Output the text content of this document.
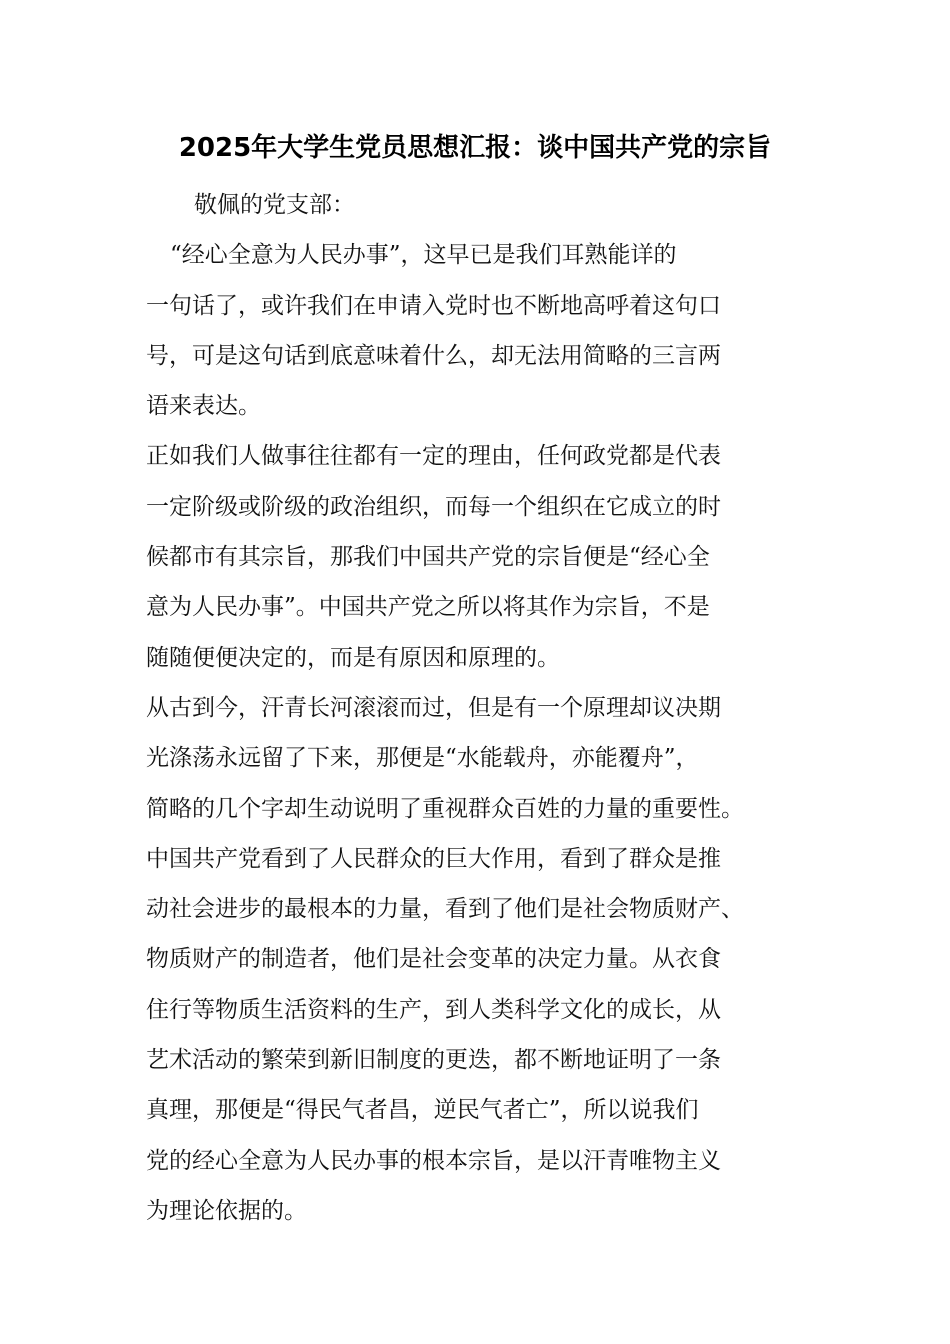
2025年大学生党员思想汇报：谈中国共产党的宗旨
敬佩的党支部：
“经心全意为人民办事”，这早已是我们耳熟能详的
一句话了，或许我们在申请入党时也不断地高呼着这句口
号，可是这句话到底意味着什么，却无法用简略的三言两
语来表达。
正如我们人做事往往都有一定的理由，任何政党都是代表
一定阶级或阶级的政治组织，而每一个组织在它成立的时
候都市有其宗旨，那我们中国共产党的宗旨便是“经心全
意为人民办事”。中国共产党之所以将其作为宗旨，不是
随随便便决定的，而是有原因和原理的。
从古到今，汗青长河滚滚而过，但是有一个原理却议决期
光涤荡永远留了下来，那便是“水能载舟，亦能覆舟”，
简略的几个字却生动说明了重视群众百姓的力量的重要性。
中国共产党看到了人民群众的巨大作用，看到了群众是推
动社会进步的最根本的力量，看到了他们是社会物质财产、
物质财产的制造者，他们是社会变革的决定力量。从衣食
住行等物质生活资料的生产，到人类科学文化的成长，从
艺术活动的繁荣到新旧制度的更迭，都不断地证明了一条
真理，那便是“得民气者昌，逆民气者亡”，所以说我们
党的经心全意为人民办事的根本宗旨，是以汗青唯物主义
为理论依据的。
